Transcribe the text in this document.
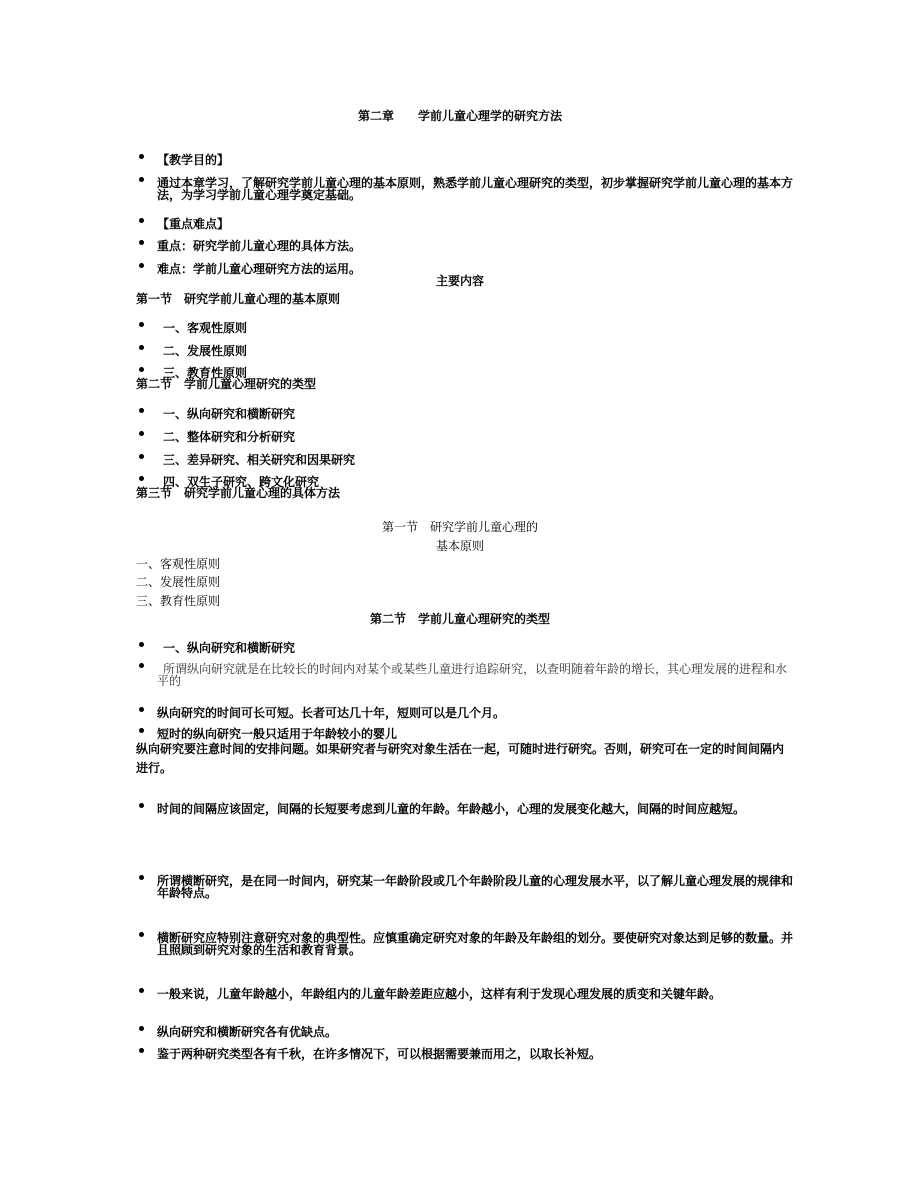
第二章　　学前儿童心理学的研究方法
【教学目的】
通过本章学习，了解研究学前儿童心理的基本原则，熟悉学前儿童心理研究的类型，初步掌握研究学前儿童心理的基本方法，为学习学前儿童心理学奠定基础。
【重点难点】
重点：研究学前儿童心理的具体方法。
难点：学前儿童心理研究方法的运用。
主要内容
第一节　研究学前儿童心理的基本原则
一、客观性原则
二、发展性原则
三、教育性原则
第二节　学前儿童心理研究的类型
一、纵向研究和横断研究
二、整体研究和分析研究
三、差异研究、相关研究和因果研究
四、双生子研究、跨文化研究
第三节　研究学前儿童心理的具体方法
第一节　研究学前儿童心理的
基本原则
一、客观性原则
二、发展性原则
三、教育性原则
第二节　学前儿童心理研究的类型
一、纵向研究和横断研究
所谓纵向研究就是在比较长的时间内对某个或某些儿童进行追踪研究，以查明随着年龄的增长，其心理发展的进程和水平的
纵向研究的时间可长可短。长者可达几十年，短则可以是几个月。
短时的纵向研究一般只适用于年龄较小的婴儿
纵向研究要注意时间的安排问题。如果研究者与研究对象生活在一起，可随时进行研究。否则，研究可在一定的时间间隔内进行。
时间的间隔应该固定，间隔的长短要考虑到儿童的年龄。年龄越小，心理的发展变化越大，间隔的时间应越短。
所谓横断研究，是在同一时间内，研究某一年龄阶段或几个年龄阶段儿童的心理发展水平，以了解儿童心理发展的规律和年龄特点。
横断研究应特别注意研究对象的典型性。应慎重确定研究对象的年龄及年龄组的划分。要使研究对象达到足够的数量。并且照顾到研究对象的生活和教育背景。
一般来说，儿童年龄越小，年龄组内的儿童年龄差距应越小，这样有利于发现心理发展的质变和关键年龄。
纵向研究和横断研究各有优缺点。
鉴于两种研究类型各有千秋，在许多情况下，可以根据需要兼而用之，以取长补短。
